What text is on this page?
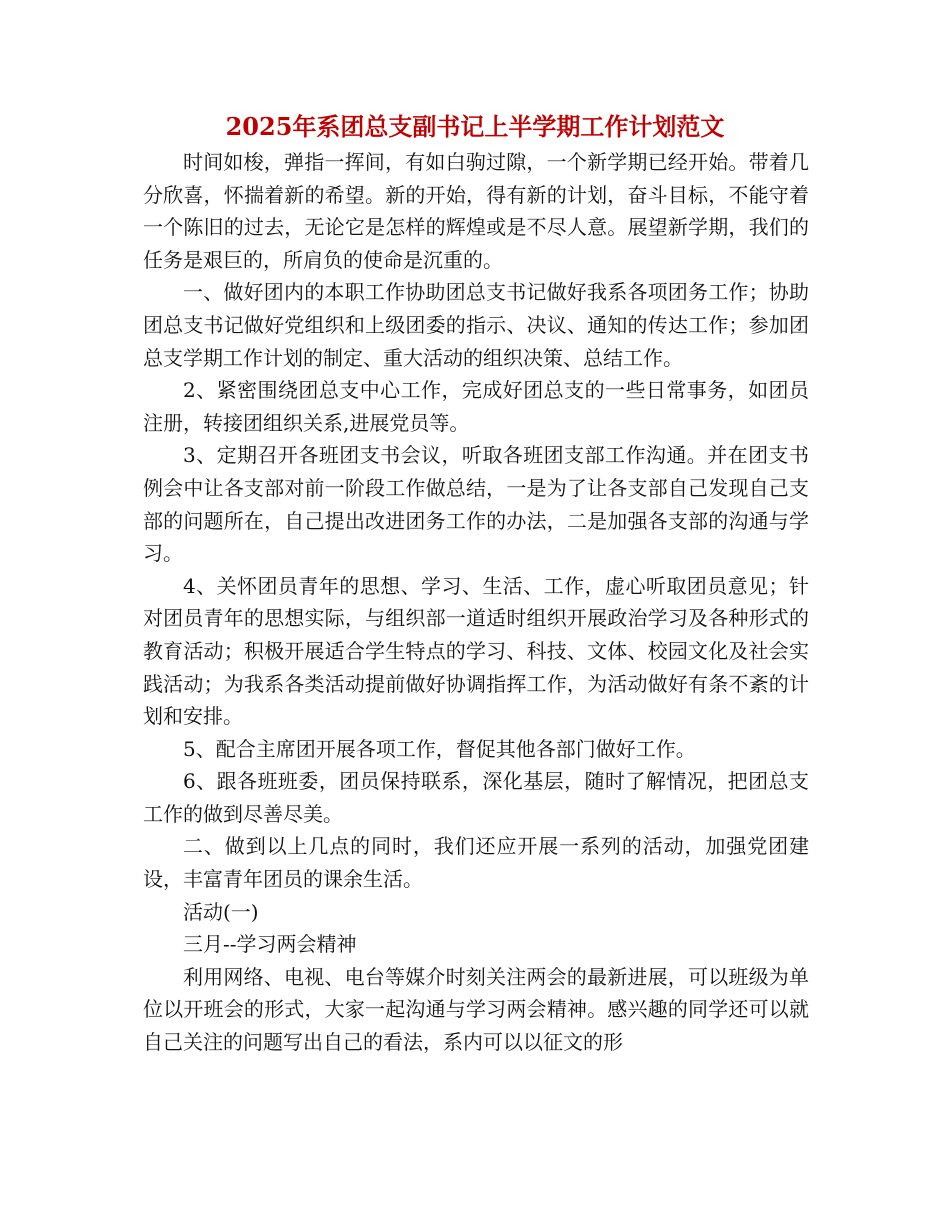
2025年系团总支副书记上半学期工作计划范文

时间如梭，弹指一挥间，有如白驹过隙，一个新学期已经开始。带着几分欣喜，怀揣着新的希望。新的开始，得有新的计划，奋斗目标，不能守着一个陈旧的过去，无论它是怎样的辉煌或是不尽人意。展望新学期，我们的任务是艰巨的，所肩负的使命是沉重的。

一、做好团内的本职工作协助团总支书记做好我系各项团务工作；协助团总支书记做好党组织和上级团委的指示、决议、通知的传达工作；参加团总支学期工作计划的制定、重大活动的组织决策、总结工作。

2、紧密围绕团总支中心工作，完成好团总支的一些日常事务，如团员注册，转接团组织关系,进展党员等。

3、定期召开各班团支书会议，听取各班团支部工作沟通。并在团支书例会中让各支部对前一阶段工作做总结，一是为了让各支部自己发现自己支部的问题所在，自己提出改进团务工作的办法，二是加强各支部的沟通与学习。

4、关怀团员青年的思想、学习、生活、工作，虚心听取团员意见；针对团员青年的思想实际，与组织部一道适时组织开展政治学习及各种形式的教育活动；积极开展适合学生特点的学习、科技、文体、校园文化及社会实践活动；为我系各类活动提前做好协调指挥工作，为活动做好有条不紊的计划和安排。

5、配合主席团开展各项工作，督促其他各部门做好工作。

6、跟各班班委，团员保持联系，深化基层，随时了解情况，把团总支工作的做到尽善尽美。

二、做到以上几点的同时，我们还应开展一系列的活动，加强党团建设，丰富青年团员的课余生活。

活动(一)

三月--学习两会精神

利用网络、电视、电台等媒介时刻关注两会的最新进展，可以班级为单位以开班会的形式，大家一起沟通与学习两会精神。感兴趣的同学还可以就自己关注的问题写出自己的看法，系内可以以征文的形
